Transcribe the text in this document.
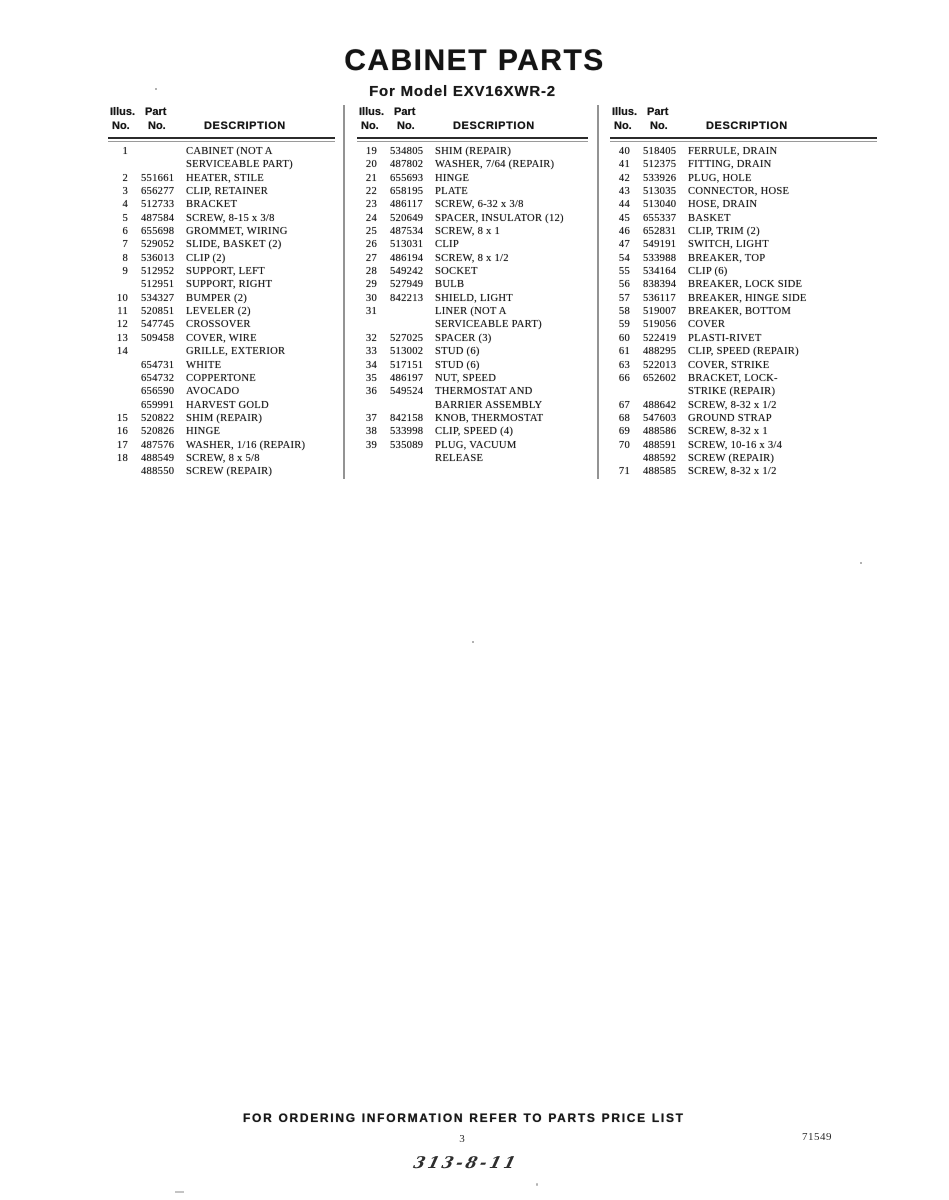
CABINET PARTS
For Model EXV16XWR-2
Illus. Part
No. No.	DESCRIPTION
1	CABINET (NOT A
SERVICEABLE PART)
2 551661	HEATER, STILE
3 656277	CLIP, RETAINER
4 512733	BRACKET
5 487584	SCREW, 8-15 x 3/8
6 655698	GROMMET, WIRING
7 529052	SLIDE, BASKET (2)
8 536013	CLIP (2)
9 512952	SUPPORT, LEFT
512951	SUPPORT, RIGHT
10 534327	BUMPER (2)
11 520851	LEVELER (2)
12 547745	CROSSOVER
13 509458	COVER, WIRE
14	GRILLE, EXTERIOR
654731	WHITE
654732	COPPERTONE
656590	AVOCADO
659991	HARVEST GOLD
15 520822	SHIM (REPAIR)
16 520826	HINGE
17 487576	WASHER, 1/16 (REPAIR)
18 488549	SCREW, 8 x 5/8
488550	SCREW (REPAIR)
Illus. Part
No. No.	DESCRIPTION
19 534805	SHIM (REPAIR)
20 487802	WASHER, 7/64 (REPAIR)
21 655693	HINGE
22 658195	PLATE
23 486117	SCREW, 6-32 x 3/8
24 520649	SPACER, INSULATOR (12)
25 487534	SCREW, 8 x 1
26 513031	CLIP
27 486194	SCREW, 8 x 1/2
28 549242	SOCKET
29 527949	BULB
30 842213	SHIELD, LIGHT
31	LINER (NOT A
SERVICEABLE PART)
32 527025	SPACER (3)
33 513002	STUD (6)
34 517151	STUD (6)
35 486197	NUT, SPEED
36 549524	THERMOSTAT AND
BARRIER ASSEMBLY
37 842158	KNOB, THERMOSTAT
38 533998	CLIP, SPEED (4)
39 535089	PLUG, VACUUM
RELEASE
Illus. Part
No. No.	DESCRIPTION
40 518405	FERRULE, DRAIN
41 512375	FITTING, DRAIN
42 533926	PLUG, HOLE
43 513035	CONNECTOR, HOSE
44 513040	HOSE, DRAIN
45 655337	BASKET
46 652831	CLIP, TRIM (2)
47 549191	SWITCH, LIGHT
54 533988	BREAKER, TOP
55 534164	CLIP (6)
56 838394	BREAKER, LOCK SIDE
57 536117	BREAKER, HINGE SIDE
58 519007	BREAKER, BOTTOM
59 519056	COVER
60 522419	PLASTI-RIVET
61 488295	CLIP, SPEED (REPAIR)
63 522013	COVER, STRIKE
66 652602	BRACKET, LOCK-
STRIKE (REPAIR)
67 488642	SCREW, 8-32 x 1/2
68 547603	GROUND STRAP
69 488586	SCREW, 8-32 x 1
70 488591	SCREW, 10-16 x 3/4
488592	SCREW (REPAIR)
71 488585	SCREW, 8-32 x 1/2
FOR ORDERING INFORMATION REFER TO PARTS PRICE LIST
3	71549
313-8-11
